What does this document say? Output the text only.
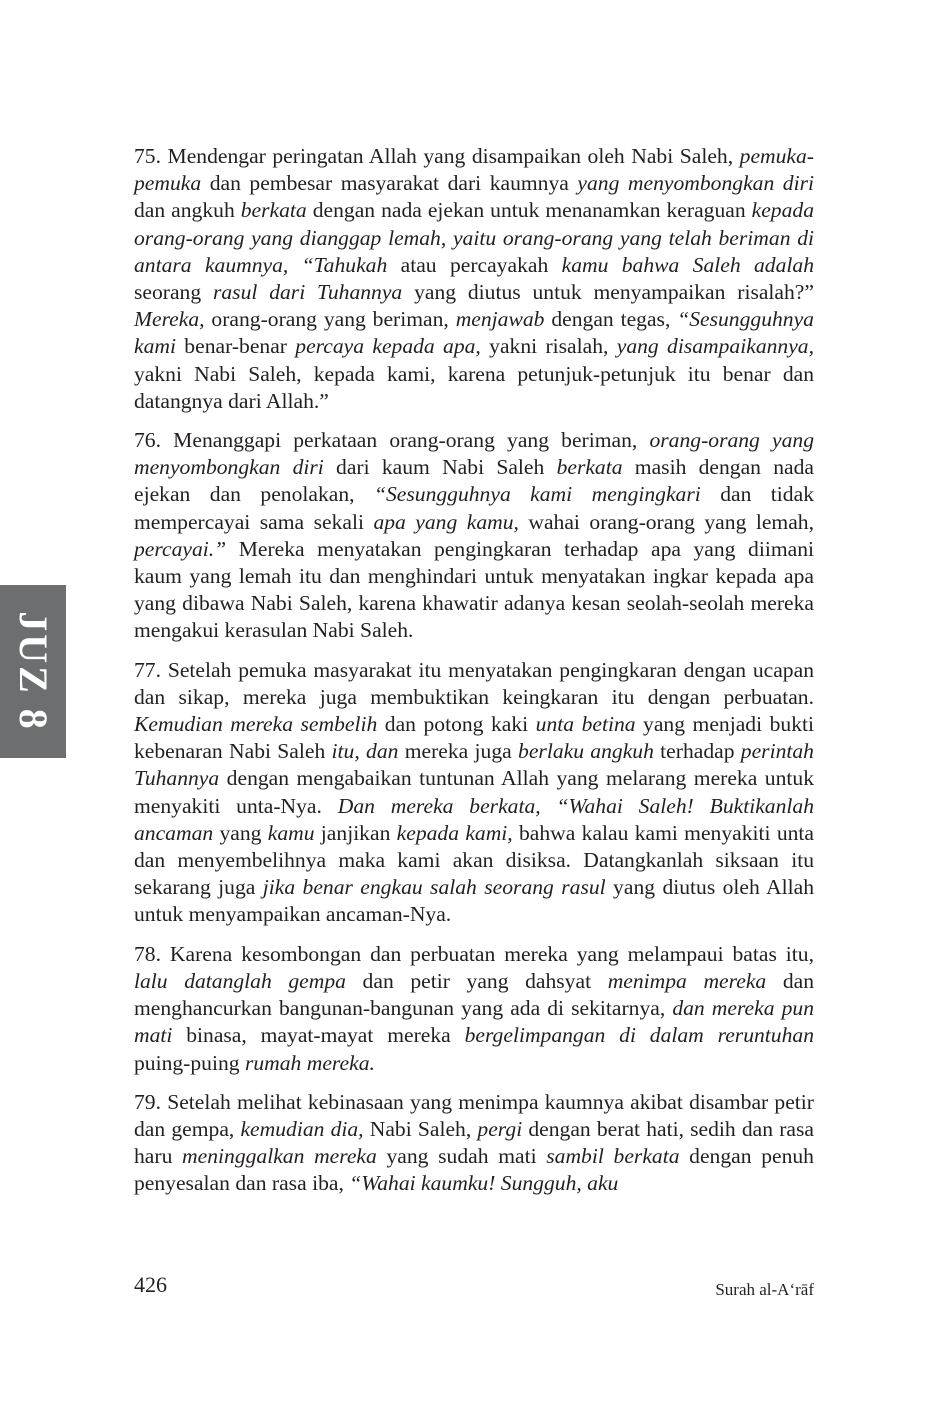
75. Mendengar peringatan Allah yang disampaikan oleh Nabi Saleh, pemuka-pemuka dan pembesar masyarakat dari kaumnya yang menyombongkan diri dan angkuh berkata dengan nada ejekan untuk menanamkan keraguan kepada orang-orang yang dianggap lemah, yaitu orang-orang yang telah beriman di antara kaumnya, “Tahukah atau percayakah kamu bahwa Saleh adalah seorang rasul dari Tuhannya yang diutus untuk menyampaikan risalah?” Mereka, orang-orang yang beriman, menjawab dengan tegas, “Sesungguhnya kami benar-benar percaya kepada apa, yakni risalah, yang disampaikannya, yakni Nabi Saleh, kepada kami, karena petunjuk-petunjuk itu benar dan datangnya dari Allah.”

76. Menanggapi perkataan orang-orang yang beriman, orang-orang yang menyombongkan diri dari kaum Nabi Saleh berkata masih dengan nada ejekan dan penolakan, “Sesungguhnya kami mengingkari dan tidak mempercayai sama sekali apa yang kamu, wahai orang-orang yang lemah, percayai.” Mereka menyatakan pengingkaran terhadap apa yang diimani kaum yang lemah itu dan menghindari untuk menyatakan ingkar kepada apa yang dibawa Nabi Saleh, karena khawatir adanya kesan seolah-seolah mereka mengakui kerasulan Nabi Saleh.

77. Setelah pemuka masyarakat itu menyatakan pengingkaran dengan ucapan dan sikap, mereka juga membuktikan keingkaran itu dengan perbuatan. Kemudian mereka sembelih dan potong kaki unta betina yang menjadi bukti kebenaran Nabi Saleh itu, dan mereka juga berlaku angkuh terhadap perintah Tuhannya dengan mengabaikan tuntunan Allah yang melarang mereka untuk menyakiti unta-Nya. Dan mereka berkata, “Wahai Saleh! Buktikanlah ancaman yang kamu janjikan kepada kami, bahwa kalau kami menyakiti unta dan menyembelihnya maka kami akan disiksa. Datangkanlah siksaan itu sekarang juga jika benar engkau salah seorang rasul yang diutus oleh Allah untuk menyampaikan ancaman-Nya.

78. Karena kesombongan dan perbuatan mereka yang melampaui batas itu, lalu datanglah gempa dan petir yang dahsyat menimpa mereka dan menghancurkan bangunan-bangunan yang ada di sekitarnya, dan mereka pun mati binasa, mayat-mayat mereka bergelimpangan di dalam reruntuhan puing-puing rumah mereka.

79. Setelah melihat kebinasaan yang menimpa kaumnya akibat disambar petir dan gempa, kemudian dia, Nabi Saleh, pergi dengan berat hati, sedih dan rasa haru meninggalkan mereka yang sudah mati sambil berkata dengan penuh penyesalan dan rasa iba, “Wahai kaumku! Sungguh, aku

JUZ 8
426	Surah al-A‘rāf
